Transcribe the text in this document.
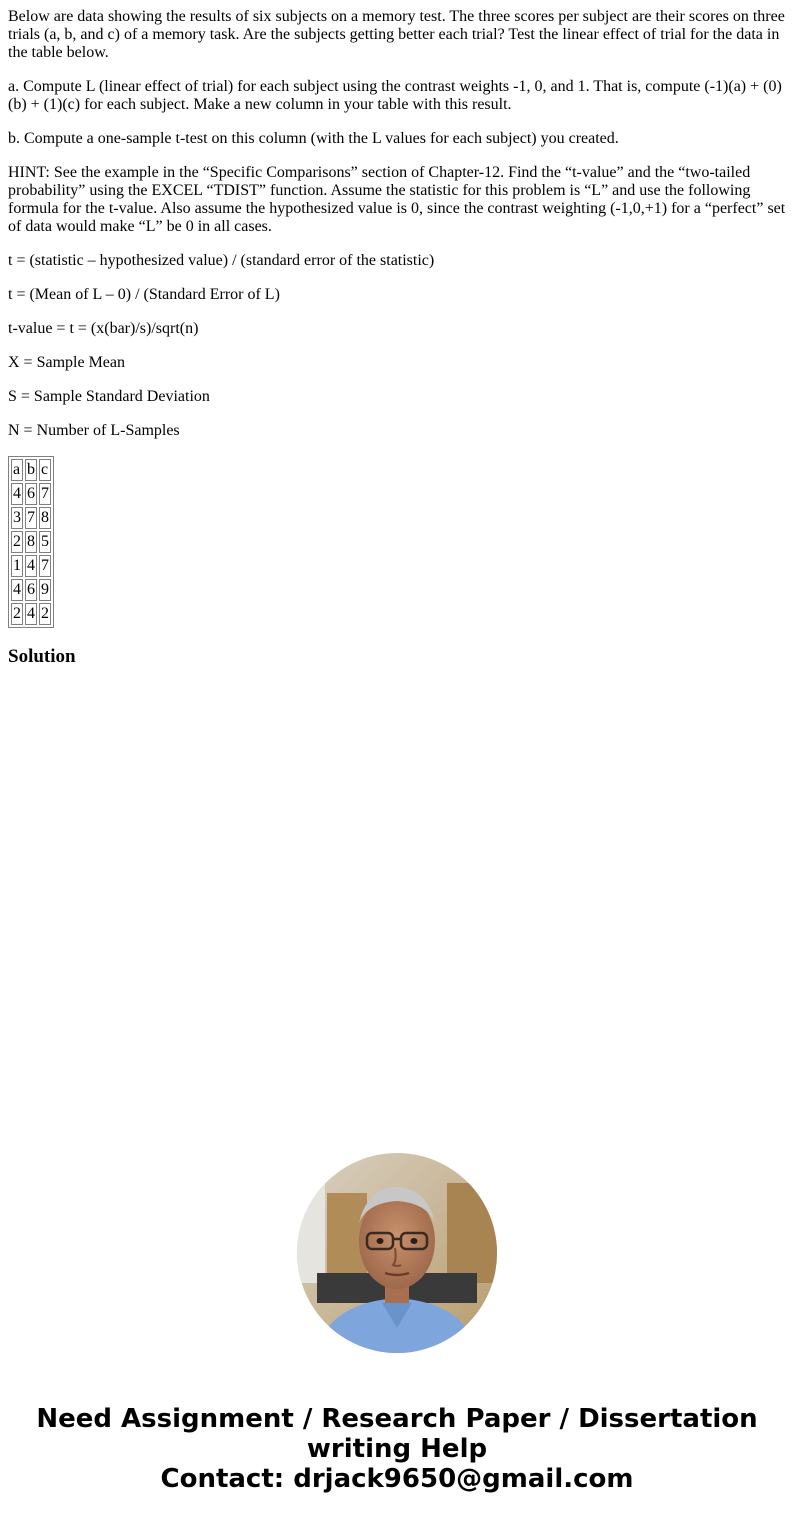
Below are data showing the results of six subjects on a memory test. The three scores per subject are their scores on three trials (a, b, and c) of a memory task. Are the subjects getting better each trial? Test the linear effect of trial for the data in the table below.

a. Compute L (linear effect of trial) for each subject using the contrast weights -1, 0, and 1. That is, compute (-1)(a) + (0)(b) + (1)(c) for each subject. Make a new column in your table with this result.

b. Compute a one-sample t-test on this column (with the L values for each subject) you created.

HINT: See the example in the “Specific Comparisons” section of Chapter-12. Find the “t-value” and the “two-tailed probability” using the EXCEL “TDIST” function. Assume the statistic for this problem is “L” and use the following formula for the t-value. Also assume the hypothesized value is 0, since the contrast weighting (-1,0,+1) for a “perfect” set of data would make “L” be 0 in all cases.

t = (statistic – hypothesized value) / (standard error of the statistic)

t = (Mean of L – 0) / (Standard Error of L)

t-value = t = (x(bar)/s)/sqrt(n)

X = Sample Mean

S = Sample Standard Deviation

N = Number of L-Samples

a	b	c
4	6	7
3	7	8
2	8	5
1	4	7
4	6	9
2	4	2
Solution
Need Assignment / Research Paper / Dissertation
writing Help
Contact: drjack9650@gmail.com
